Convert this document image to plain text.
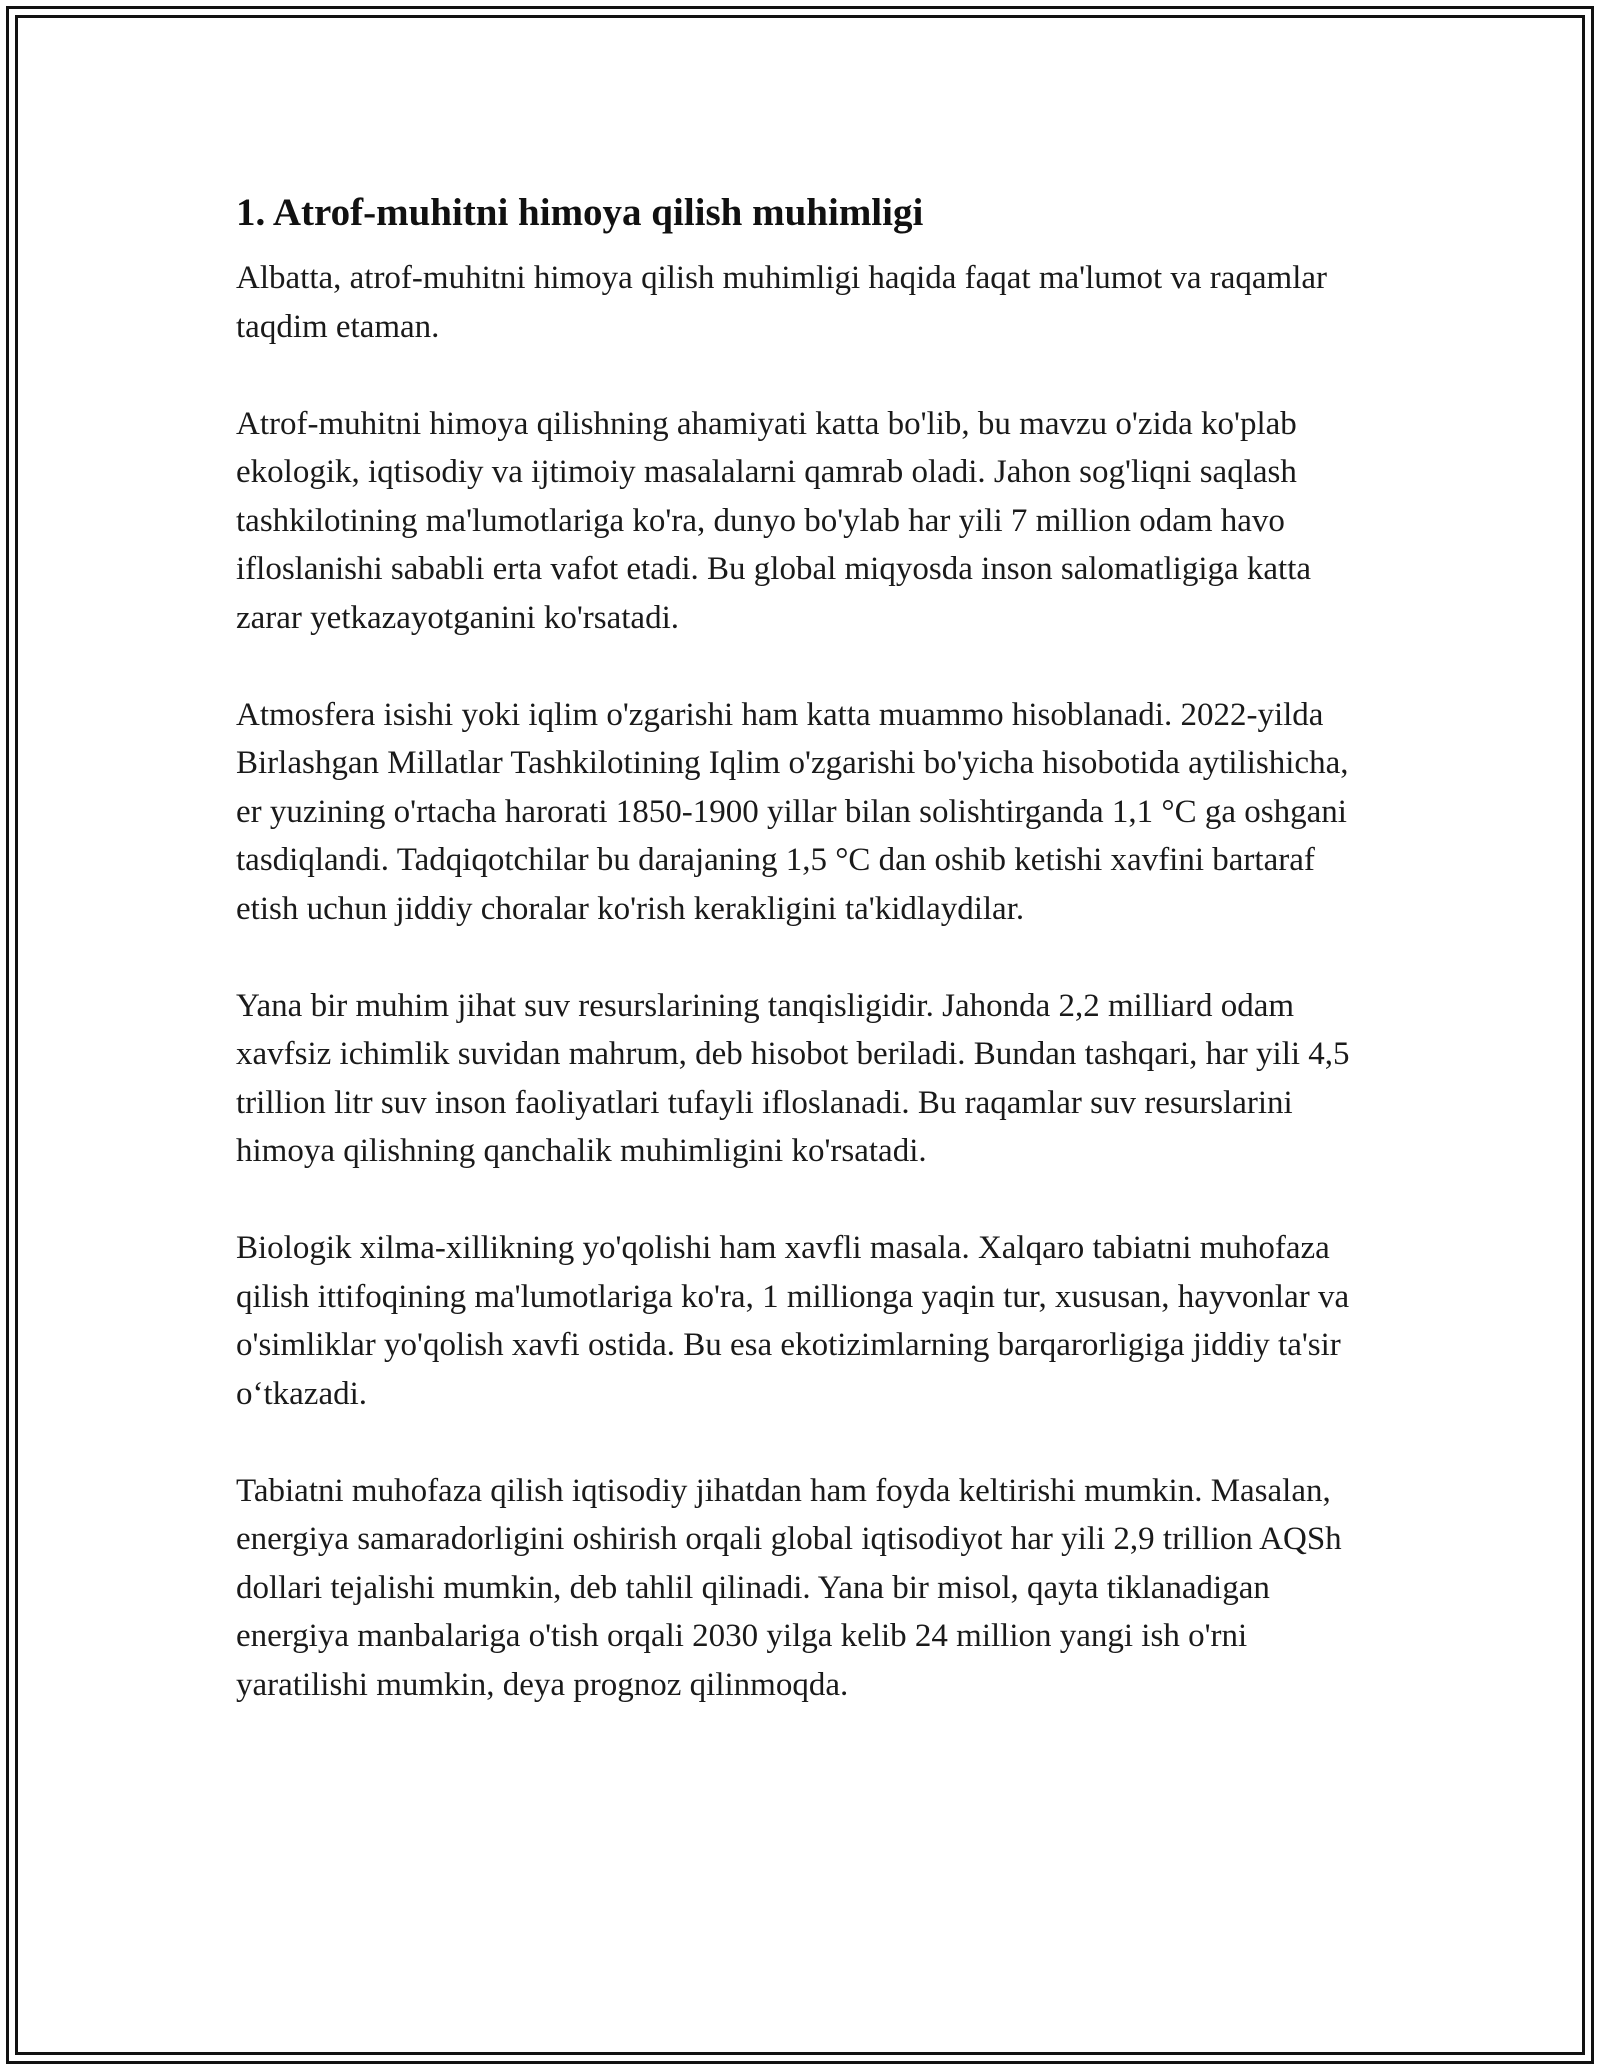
1. Atrof-muhitni himoya qilish muhimligi

Albatta, atrof-muhitni himoya qilish muhimligi haqida faqat ma'lumot va raqamlar taqdim etaman.

Atrof-muhitni himoya qilishning ahamiyati katta bo'lib, bu mavzu o'zida ko'plab ekologik, iqtisodiy va ijtimoiy masalalarni qamrab oladi. Jahon sog'liqni saqlash tashkilotining ma'lumotlariga ko'ra, dunyo bo'ylab har yili 7 million odam havo ifloslanishi sababli erta vafot etadi. Bu global miqyosda inson salomatligiga katta zarar yetkazayotganini ko'rsatadi.

Atmosfera isishi yoki iqlim o'zgarishi ham katta muammo hisoblanadi. 2022-yilda Birlashgan Millatlar Tashkilotining Iqlim o'zgarishi bo'yicha hisobotida aytilishicha, er yuzining o'rtacha harorati 1850-1900 yillar bilan solishtirganda 1,1 °C ga oshgani tasdiqlandi. Tadqiqotchilar bu darajaning 1,5 °C dan oshib ketishi xavfini bartaraf etish uchun jiddiy choralar ko'rish kerakligini ta'kidlaydilar.

Yana bir muhim jihat suv resurslarining tanqisligidir. Jahonda 2,2 milliard odam xavfsiz ichimlik suvidan mahrum, deb hisobot beriladi. Bundan tashqari, har yili 4,5 trillion litr suv inson faoliyatlari tufayli ifloslanadi. Bu raqamlar suv resurslarini himoya qilishning qanchalik muhimligini ko'rsatadi.

Biologik xilma-xillikning yo'qolishi ham xavfli masala. Xalqaro tabiatni muhofaza qilish ittifoqining ma'lumotlariga ko'ra, 1 millionga yaqin tur, xususan, hayvonlar va o'simliklar yo'qolish xavfi ostida. Bu esa ekotizimlarning barqarorligiga jiddiy ta'sir o‘tkazadi.

Tabiatni muhofaza qilish iqtisodiy jihatdan ham foyda keltirishi mumkin. Masalan, energiya samaradorligini oshirish orqali global iqtisodiyot har yili 2,9 trillion AQSh dollari tejalishi mumkin, deb tahlil qilinadi. Yana bir misol, qayta tiklanadigan energiya manbalariga o'tish orqali 2030 yilga kelib 24 million yangi ish o'rni yaratilishi mumkin, deya prognoz qilinmoqda.
